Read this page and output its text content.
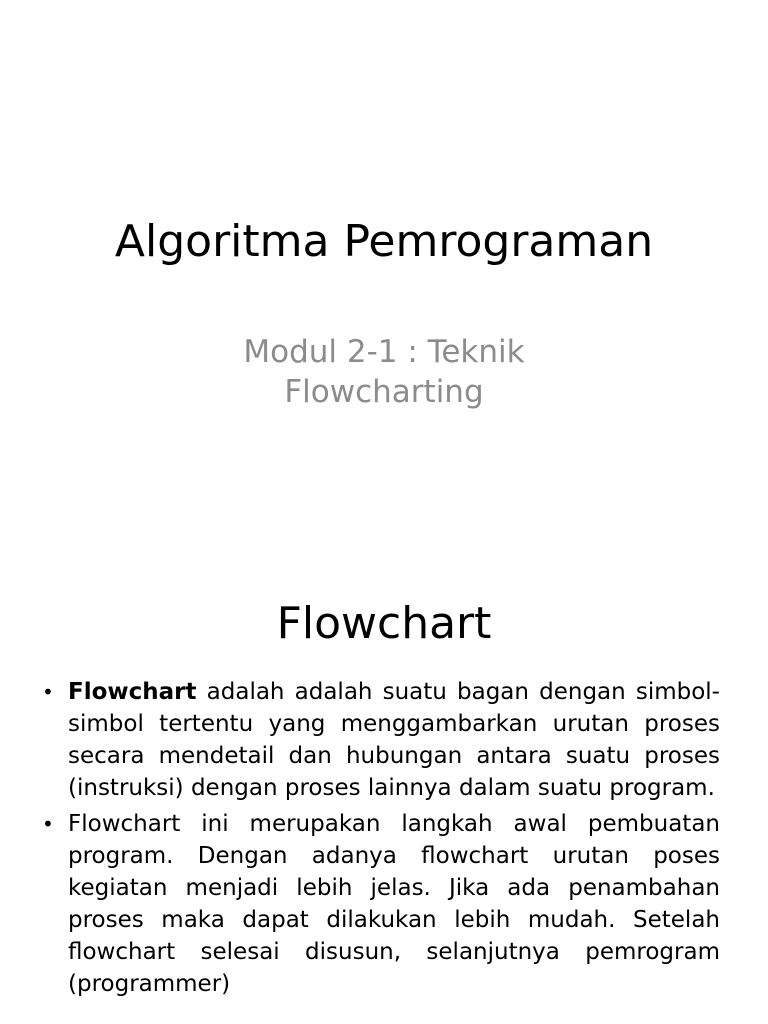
Algoritma Pemrograman

Modul 2-1 : Teknik Flowcharting

Flowchart
• Flowchart adalah adalah suatu bagan dengan simbol-simbol tertentu yang menggambarkan urutan proses secara mendetail dan hubungan antara suatu proses (instruksi) dengan proses lainnya dalam suatu program.
• Flowchart ini merupakan langkah awal pembuatan program. Dengan adanya flowchart urutan poses kegiatan menjadi lebih jelas. Jika ada penambahan proses maka dapat dilakukan lebih mudah. Setelah flowchart selesai disusun, selanjutnya pemrogram (programmer)
